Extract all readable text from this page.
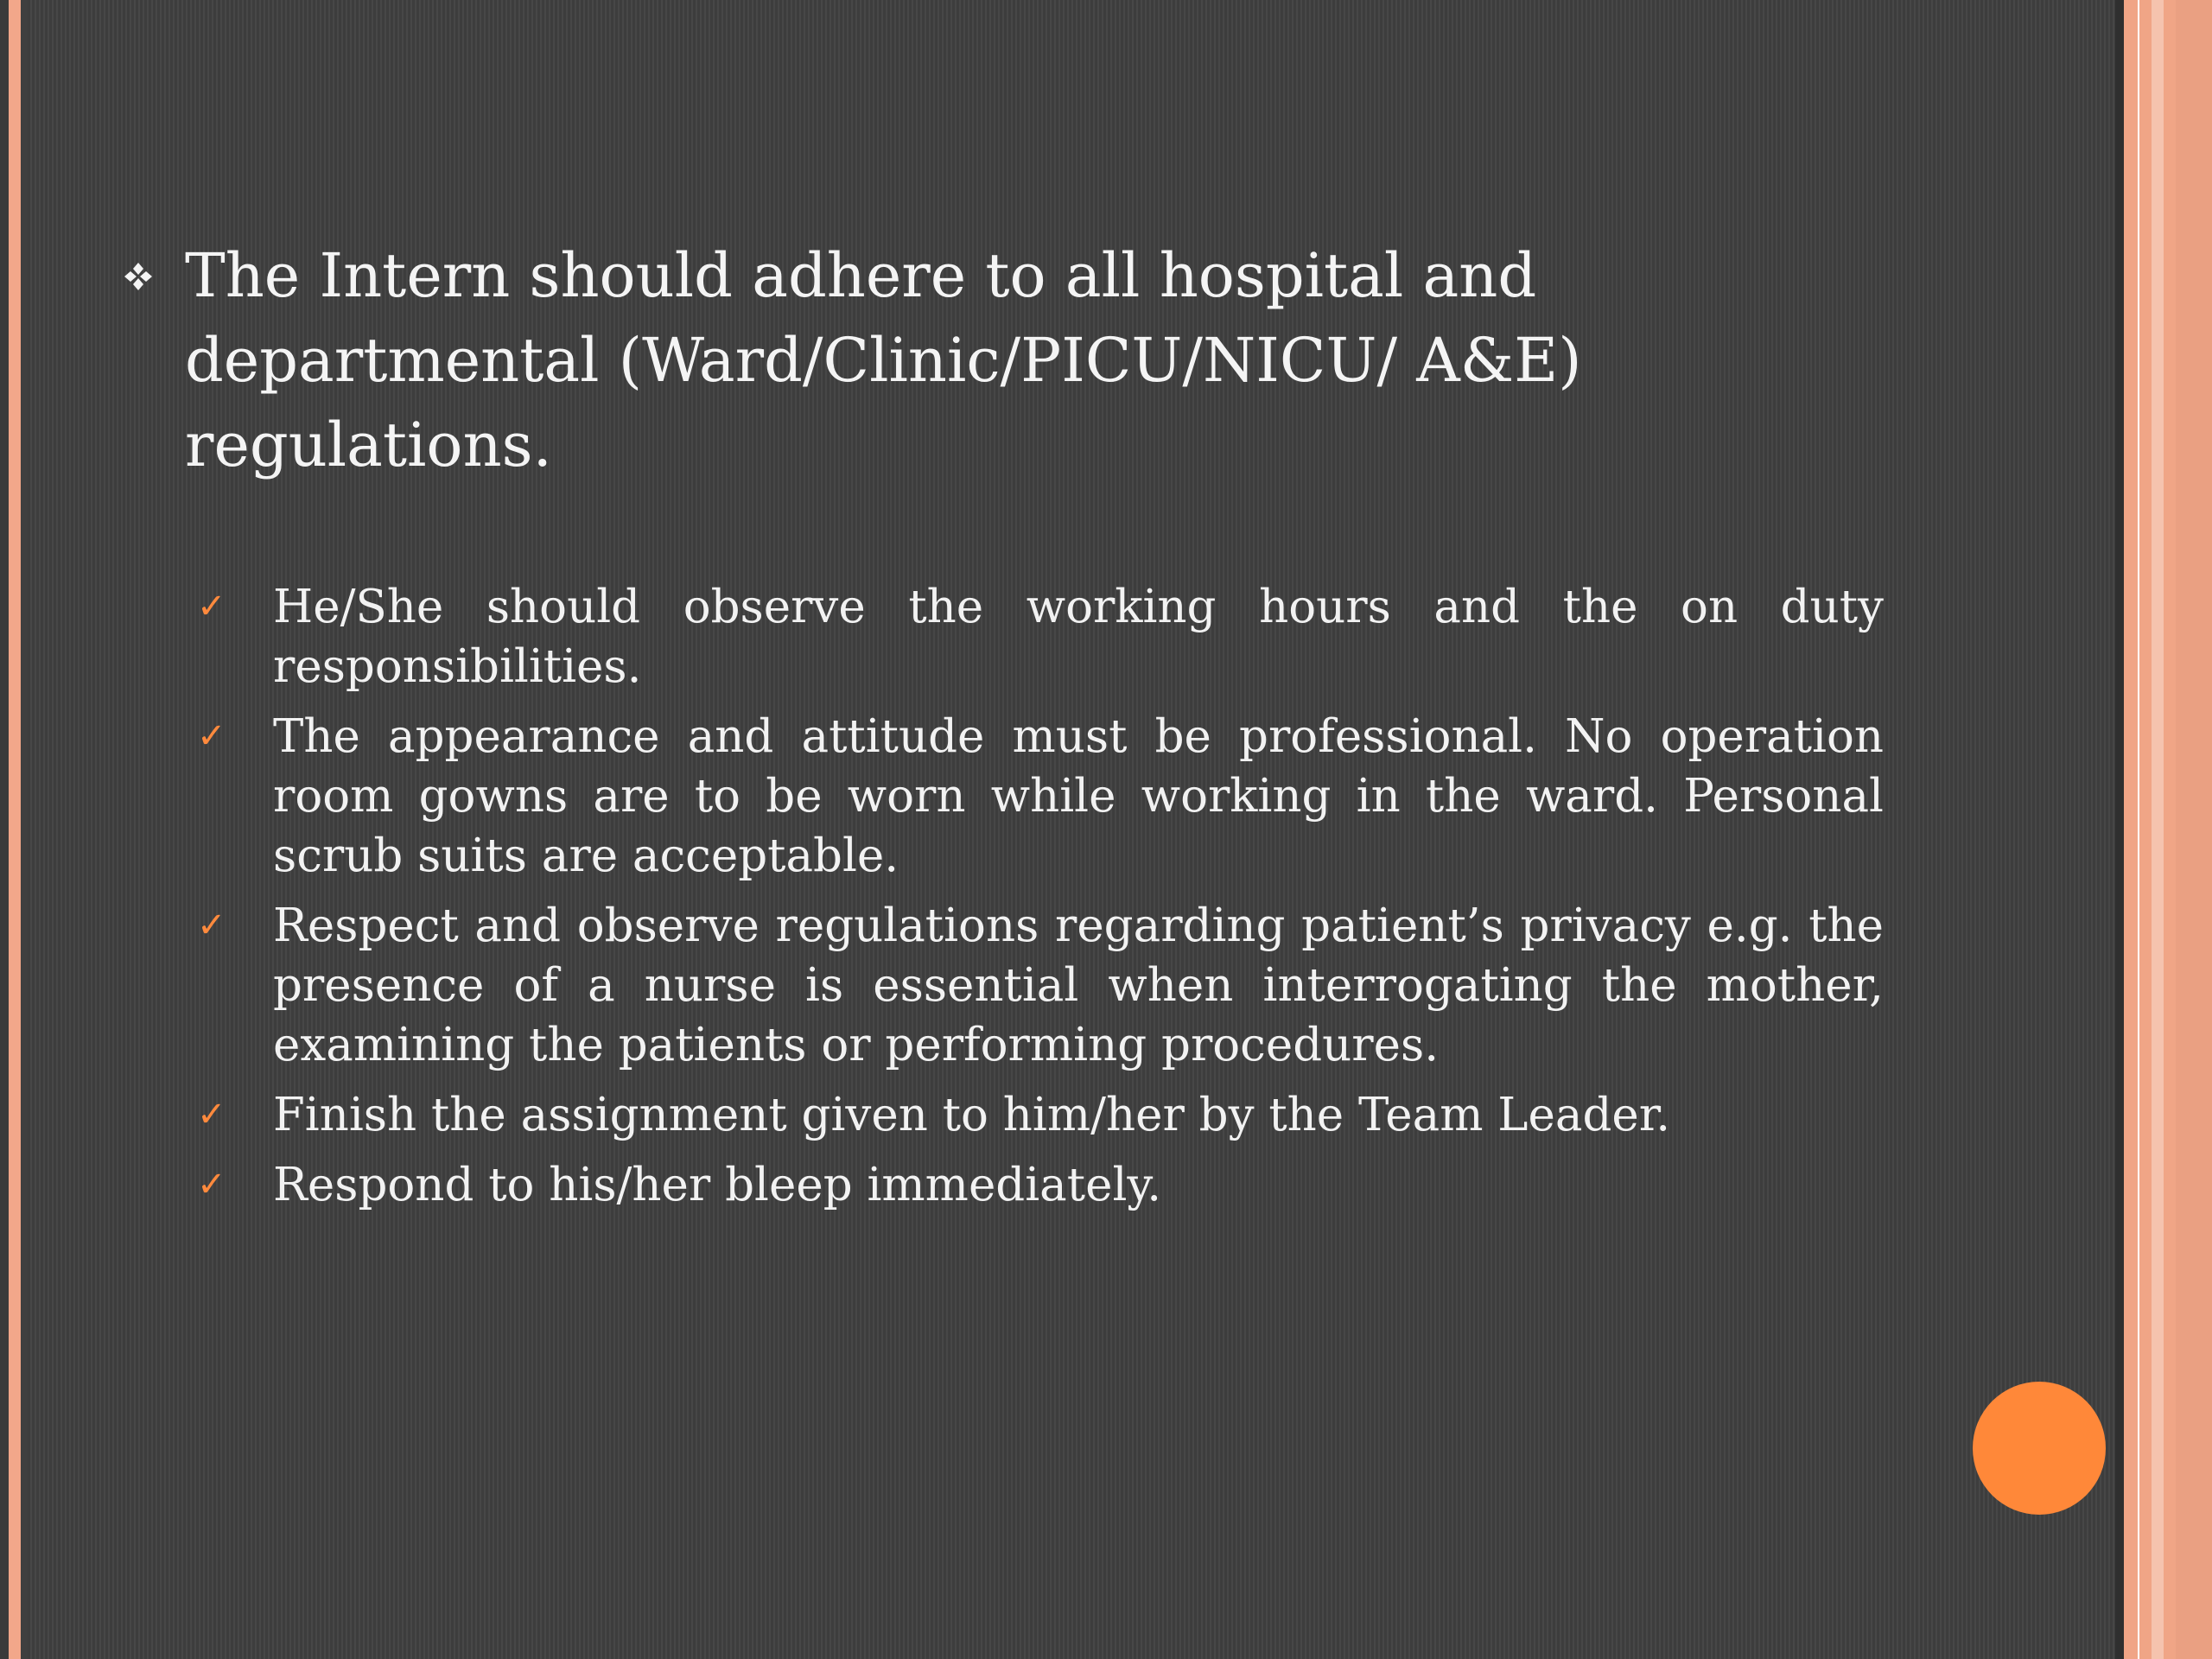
The Intern should adhere to all hospital and departmental (Ward/Clinic/PICU/NICU/ A&E) regulations.
✓ He/She should observe the working hours and the on duty responsibilities.
✓ The appearance and attitude must be professional. No operation room gowns are to be worn while working in the ward. Personal scrub suits are acceptable.
✓ Respect and observe regulations regarding patient’s privacy e.g. the presence of a nurse is essential when interrogating the mother, examining the patients or performing procedures.
✓ Finish the assignment given to him/her by the Team Leader.
✓ Respond to his/her bleep immediately.
